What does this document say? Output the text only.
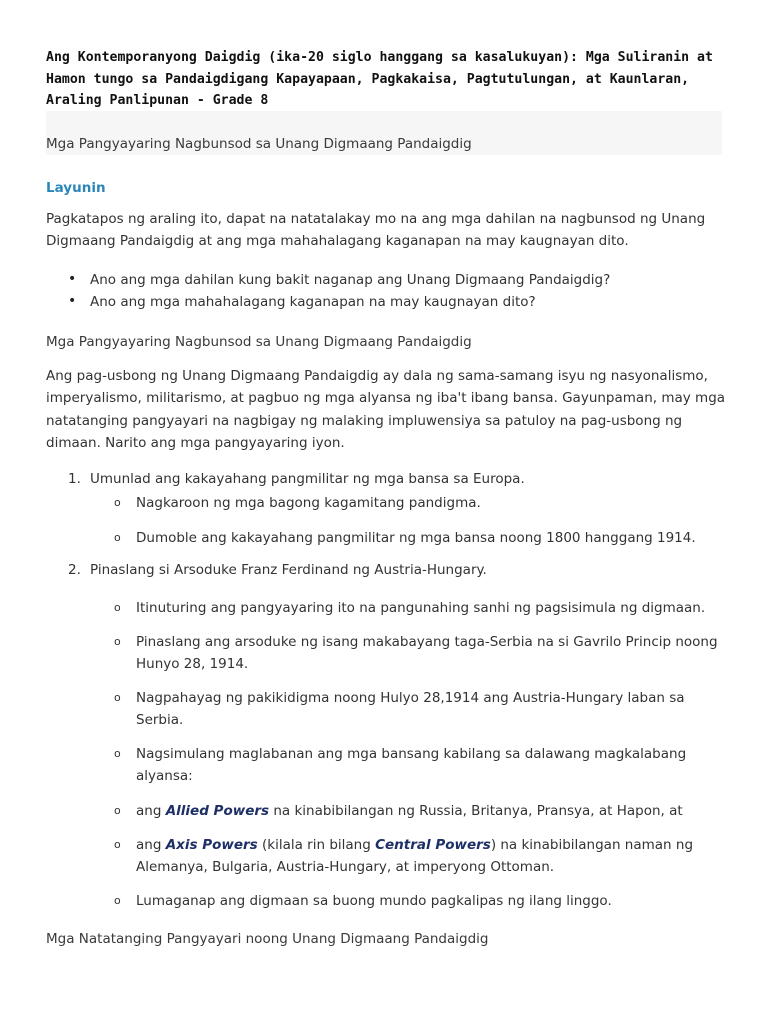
Ang Kontemporanyong Daigdig (ika-20 siglo hanggang sa kasalukuyan): Mga Suliranin at Hamon tungo sa Pandaigdigang Kapayapaan, Pagkakaisa, Pagtutulungan, at Kaunlaran, Araling Panlipunan - Grade 8
Mga Pangyayaring Nagbunsod sa Unang Digmaang Pandaigdig
Layunin

Pagkatapos ng araling ito, dapat na natatalakay mo na ang mga dahilan na nagbunsod ng Unang Digmaang Pandaigdig at ang mga mahahalagang kaganapan na may kaugnayan dito.

• Ano ang mga dahilan kung bakit naganap ang Unang Digmaang Pandaigdig?

• Ano ang mga mahahalagang kaganapan na may kaugnayan dito?

Mga Pangyayaring Nagbunsod sa Unang Digmaang Pandaigdig

Ang pag-usbong ng Unang Digmaang Pandaigdig ay dala ng sama-samang isyu ng nasyonalismo, imperyalismo, militarismo, at pagbuo ng mga alyansa ng iba't ibang bansa. Gayunpaman, may mga natatanging pangyayari na nagbigay ng malaking impluwensiya sa patuloy na pag-usbong ng dimaan. Narito ang mga pangyayaring iyon.

1. Umunlad ang kakayahang pangmilitar ng mga bansa sa Europa.

o Nagkaroon ng mga bagong kagamitang pandigma.

o Dumoble ang kakayahang pangmilitar ng mga bansa noong 1800 hanggang 1914.

2. Pinaslang si Arsoduke Franz Ferdinand ng Austria-Hungary.

o Itinuturing ang pangyayaring ito na pangunahing sanhi ng pagsisimula ng digmaan.

o Pinaslang ang arsoduke ng isang makabayang taga-Serbia na si Gavrilo Princip noong Hunyo 28, 1914.

o Nagpahayag ng pakikidigma noong Hulyo 28,1914 ang Austria-Hungary laban sa Serbia.

o Nagsimulang maglabanan ang mga bansang kabilang sa dalawang magkalabang alyansa:

o ang Allied Powers na kinabibilangan ng Russia, Britanya, Pransya, at Hapon, at

o ang Axis Powers (kilala rin bilang Central Powers) na kinabibilangan naman ng Alemanya, Bulgaria, Austria-Hungary, at imperyong Ottoman.

o Lumaganap ang digmaan sa buong mundo pagkalipas ng ilang linggo.

Mga Natatanging Pangyayari noong Unang Digmaang Pandaigdig
